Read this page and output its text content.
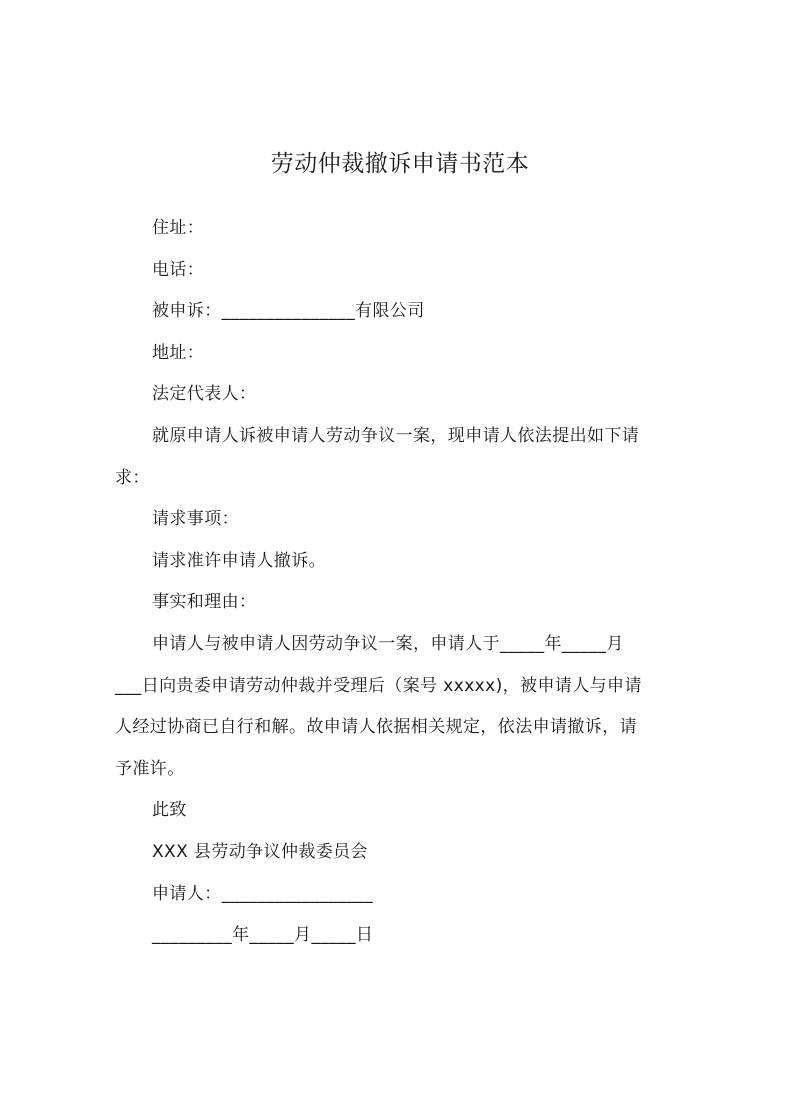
劳动仲裁撤诉申请书范本
住址：
电话：
被申诉：_______________有限公司
地址：
法定代表人：
就原申请人诉被申请人劳动争议一案，现申请人依法提出如下请
求：
请求事项：
请求准许申请人撤诉。
事实和理由：
申请人与被申请人因劳动争议一案，申请人于_____年_____月
___日向贵委申请劳动仲裁并受理后（案号 xxxxx)，被申请人与申请
人经过协商已自行和解。故申请人依据相关规定，依法申请撤诉，请
予准许。
此致
XXX 县劳动争议仲裁委员会
申请人：_________________
_________年_____月_____日
